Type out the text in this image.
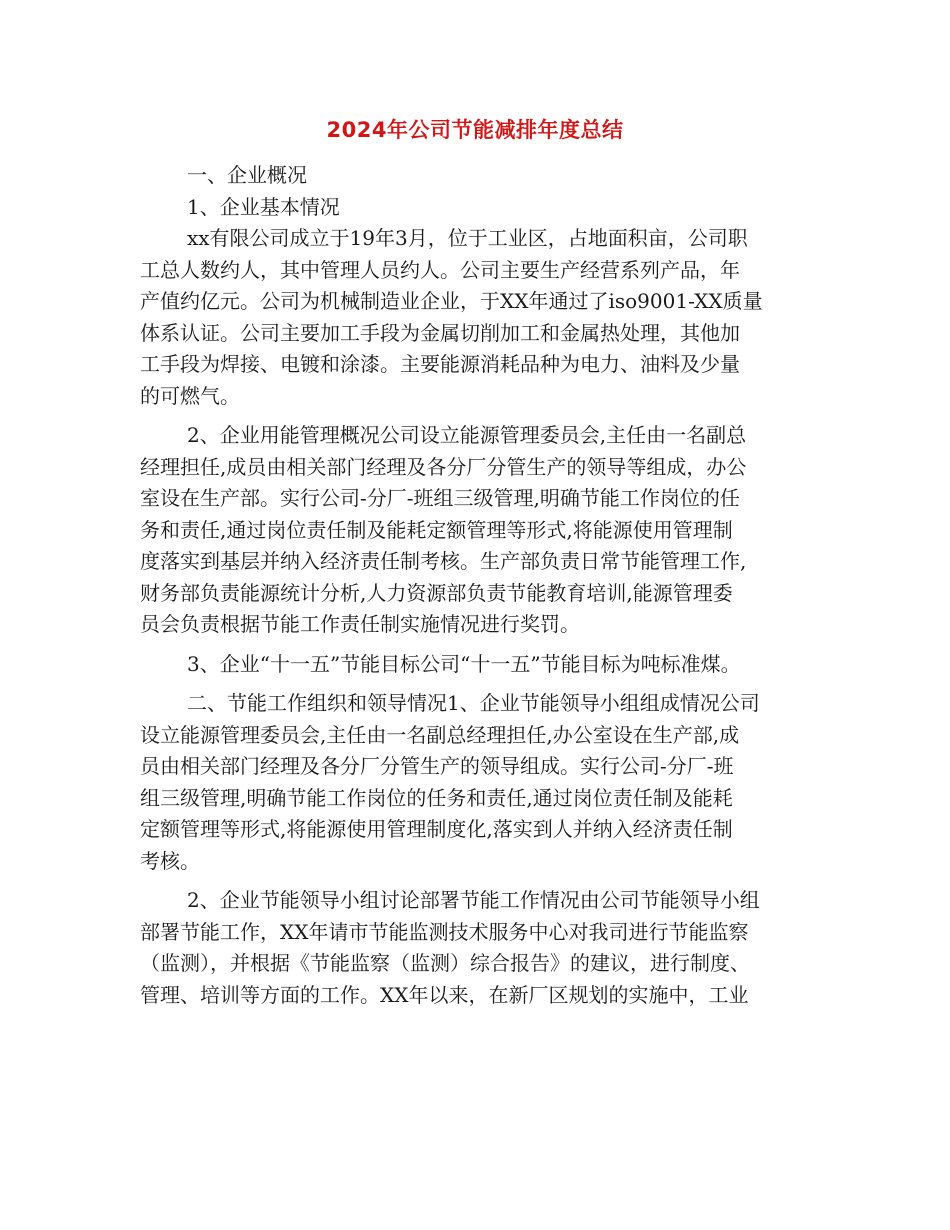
2024年公司节能减排年度总结
一、企业概况
1、企业基本情况
xx有限公司成立于19年3月，位于工业区，占地面积亩，公司职
工总人数约人，其中管理人员约人。公司主要生产经营系列产品，年
产值约亿元。公司为机械制造业企业，于XX年通过了iso9001-XX质量
体系认证。公司主要加工手段为金属切削加工和金属热处理，其他加
工手段为焊接、电镀和涂漆。主要能源消耗品种为电力、油料及少量
的可燃气。
2、企业用能管理概况公司设立能源管理委员会,主任由一名副总
经理担任,成员由相关部门经理及各分厂分管生产的领导等组成，办公
室设在生产部。实行公司-分厂-班组三级管理,明确节能工作岗位的任
务和责任,通过岗位责任制及能耗定额管理等形式,将能源使用管理制
度落实到基层并纳入经济责任制考核。生产部负责日常节能管理工作,
财务部负责能源统计分析,人力资源部负责节能教育培训,能源管理委
员会负责根据节能工作责任制实施情况进行奖罚。
3、企业“十一五”节能目标公司“十一五”节能目标为吨标准煤。
二、节能工作组织和领导情况1、企业节能领导小组组成情况公司
设立能源管理委员会,主任由一名副总经理担任,办公室设在生产部,成
员由相关部门经理及各分厂分管生产的领导组成。实行公司-分厂-班
组三级管理,明确节能工作岗位的任务和责任,通过岗位责任制及能耗
定额管理等形式,将能源使用管理制度化,落实到人并纳入经济责任制
考核。
2、企业节能领导小组讨论部署节能工作情况由公司节能领导小组
部署节能工作，XX年请市节能监测技术服务中心对我司进行节能监察
（监测），并根据《节能监察（监测）综合报告》的建议，进行制度、
管理、培训等方面的工作。XX年以来，在新厂区规划的实施中，工业
